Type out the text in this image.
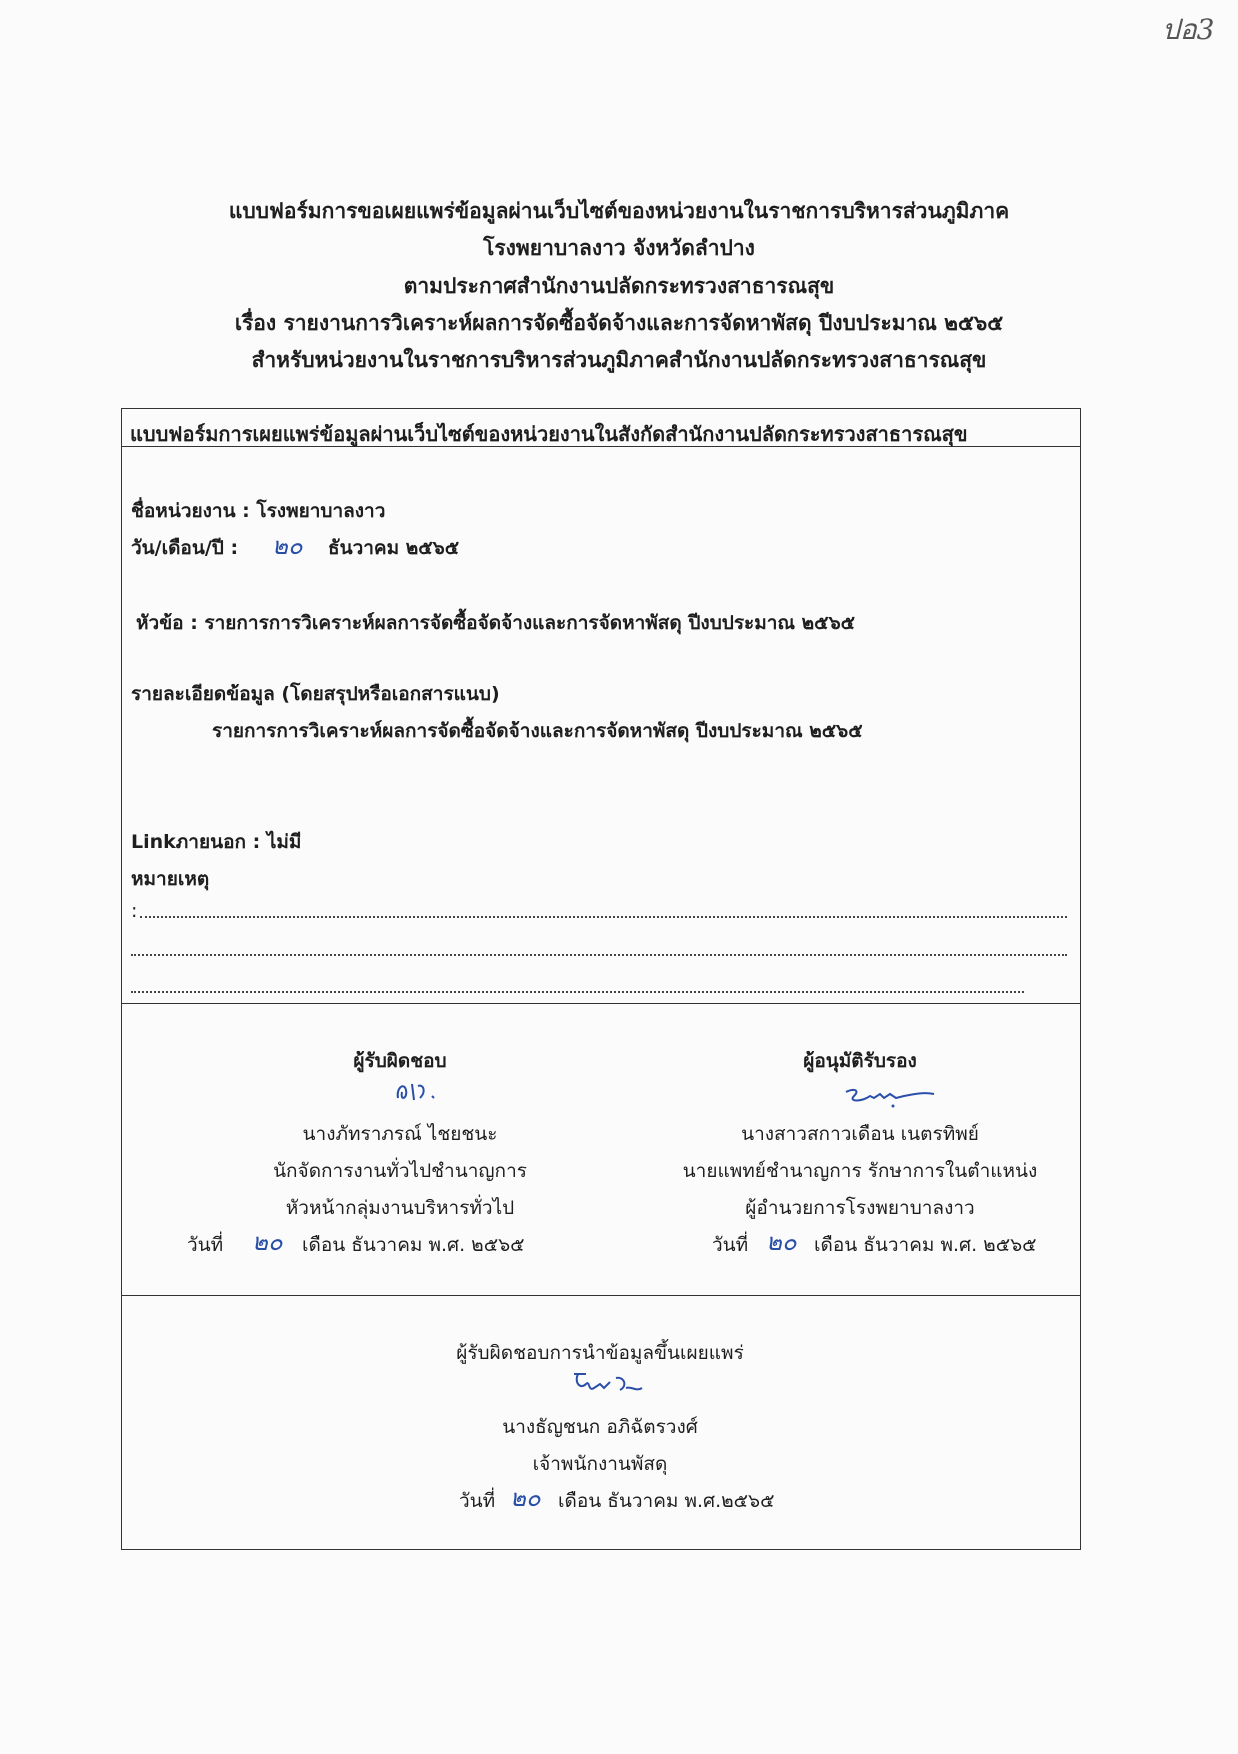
ปอ3
แบบฟอร์มการขอเผยแพร่ข้อมูลผ่านเว็บไซต์ของหน่วยงานในราชการบริหารส่วนภูมิภาค
โรงพยาบาลงาว จังหวัดลำปาง
ตามประกาศสำนักงานปลัดกระทรวงสาธารณสุข
เรื่อง รายงานการวิเคราะห์ผลการจัดซื้อจัดจ้างและการจัดหาพัสดุ ปีงบประมาณ ๒๕๖๕
สำหรับหน่วยงานในราชการบริหารส่วนภูมิภาคสำนักงานปลัดกระทรวงสาธารณสุข
แบบฟอร์มการเผยแพร่ข้อมูลผ่านเว็บไซต์ของหน่วยงานในสังกัดสำนักงานปลัดกระทรวงสาธารณสุข
ชื่อหน่วยงาน : โรงพยาบาลงาว
วัน/เดือน/ปี : ๒๐ ธันวาคม ๒๕๖๕
หัวข้อ : รายการการวิเคราะห์ผลการจัดซื้อจัดจ้างและการจัดหาพัสดุ ปีงบประมาณ ๒๕๖๕
รายละเอียดข้อมูล (โดยสรุปหรือเอกสารแนบ)
รายการการวิเคราะห์ผลการจัดซื้อจัดจ้างและการจัดหาพัสดุ ปีงบประมาณ ๒๕๖๕
Linkภายนอก : ไม่มี
หมายเหตุ
:
ผู้รับผิดชอบ
นางภัทราภรณ์ ไชยชนะ
นักจัดการงานทั่วไปชำนาญการ
หัวหน้ากลุ่มงานบริหารทั่วไป
วันที่ ๒๐ เดือน ธันวาคม พ.ศ. ๒๕๖๕
ผู้อนุมัติรับรอง
นางสาวสกาวเดือน เนตรทิพย์
นายแพทย์ชำนาญการ รักษาการในตำแหน่ง
ผู้อำนวยการโรงพยาบาลงาว
วันที่ ๒๐ เดือน ธันวาคม พ.ศ. ๒๕๖๕
ผู้รับผิดชอบการนำข้อมูลขึ้นเผยแพร่
นางธัญชนก อภิฉัตรวงศ์
เจ้าพนักงานพัสดุ
วันที่ ๒๐ เดือน ธันวาคม พ.ศ.๒๕๖๕
